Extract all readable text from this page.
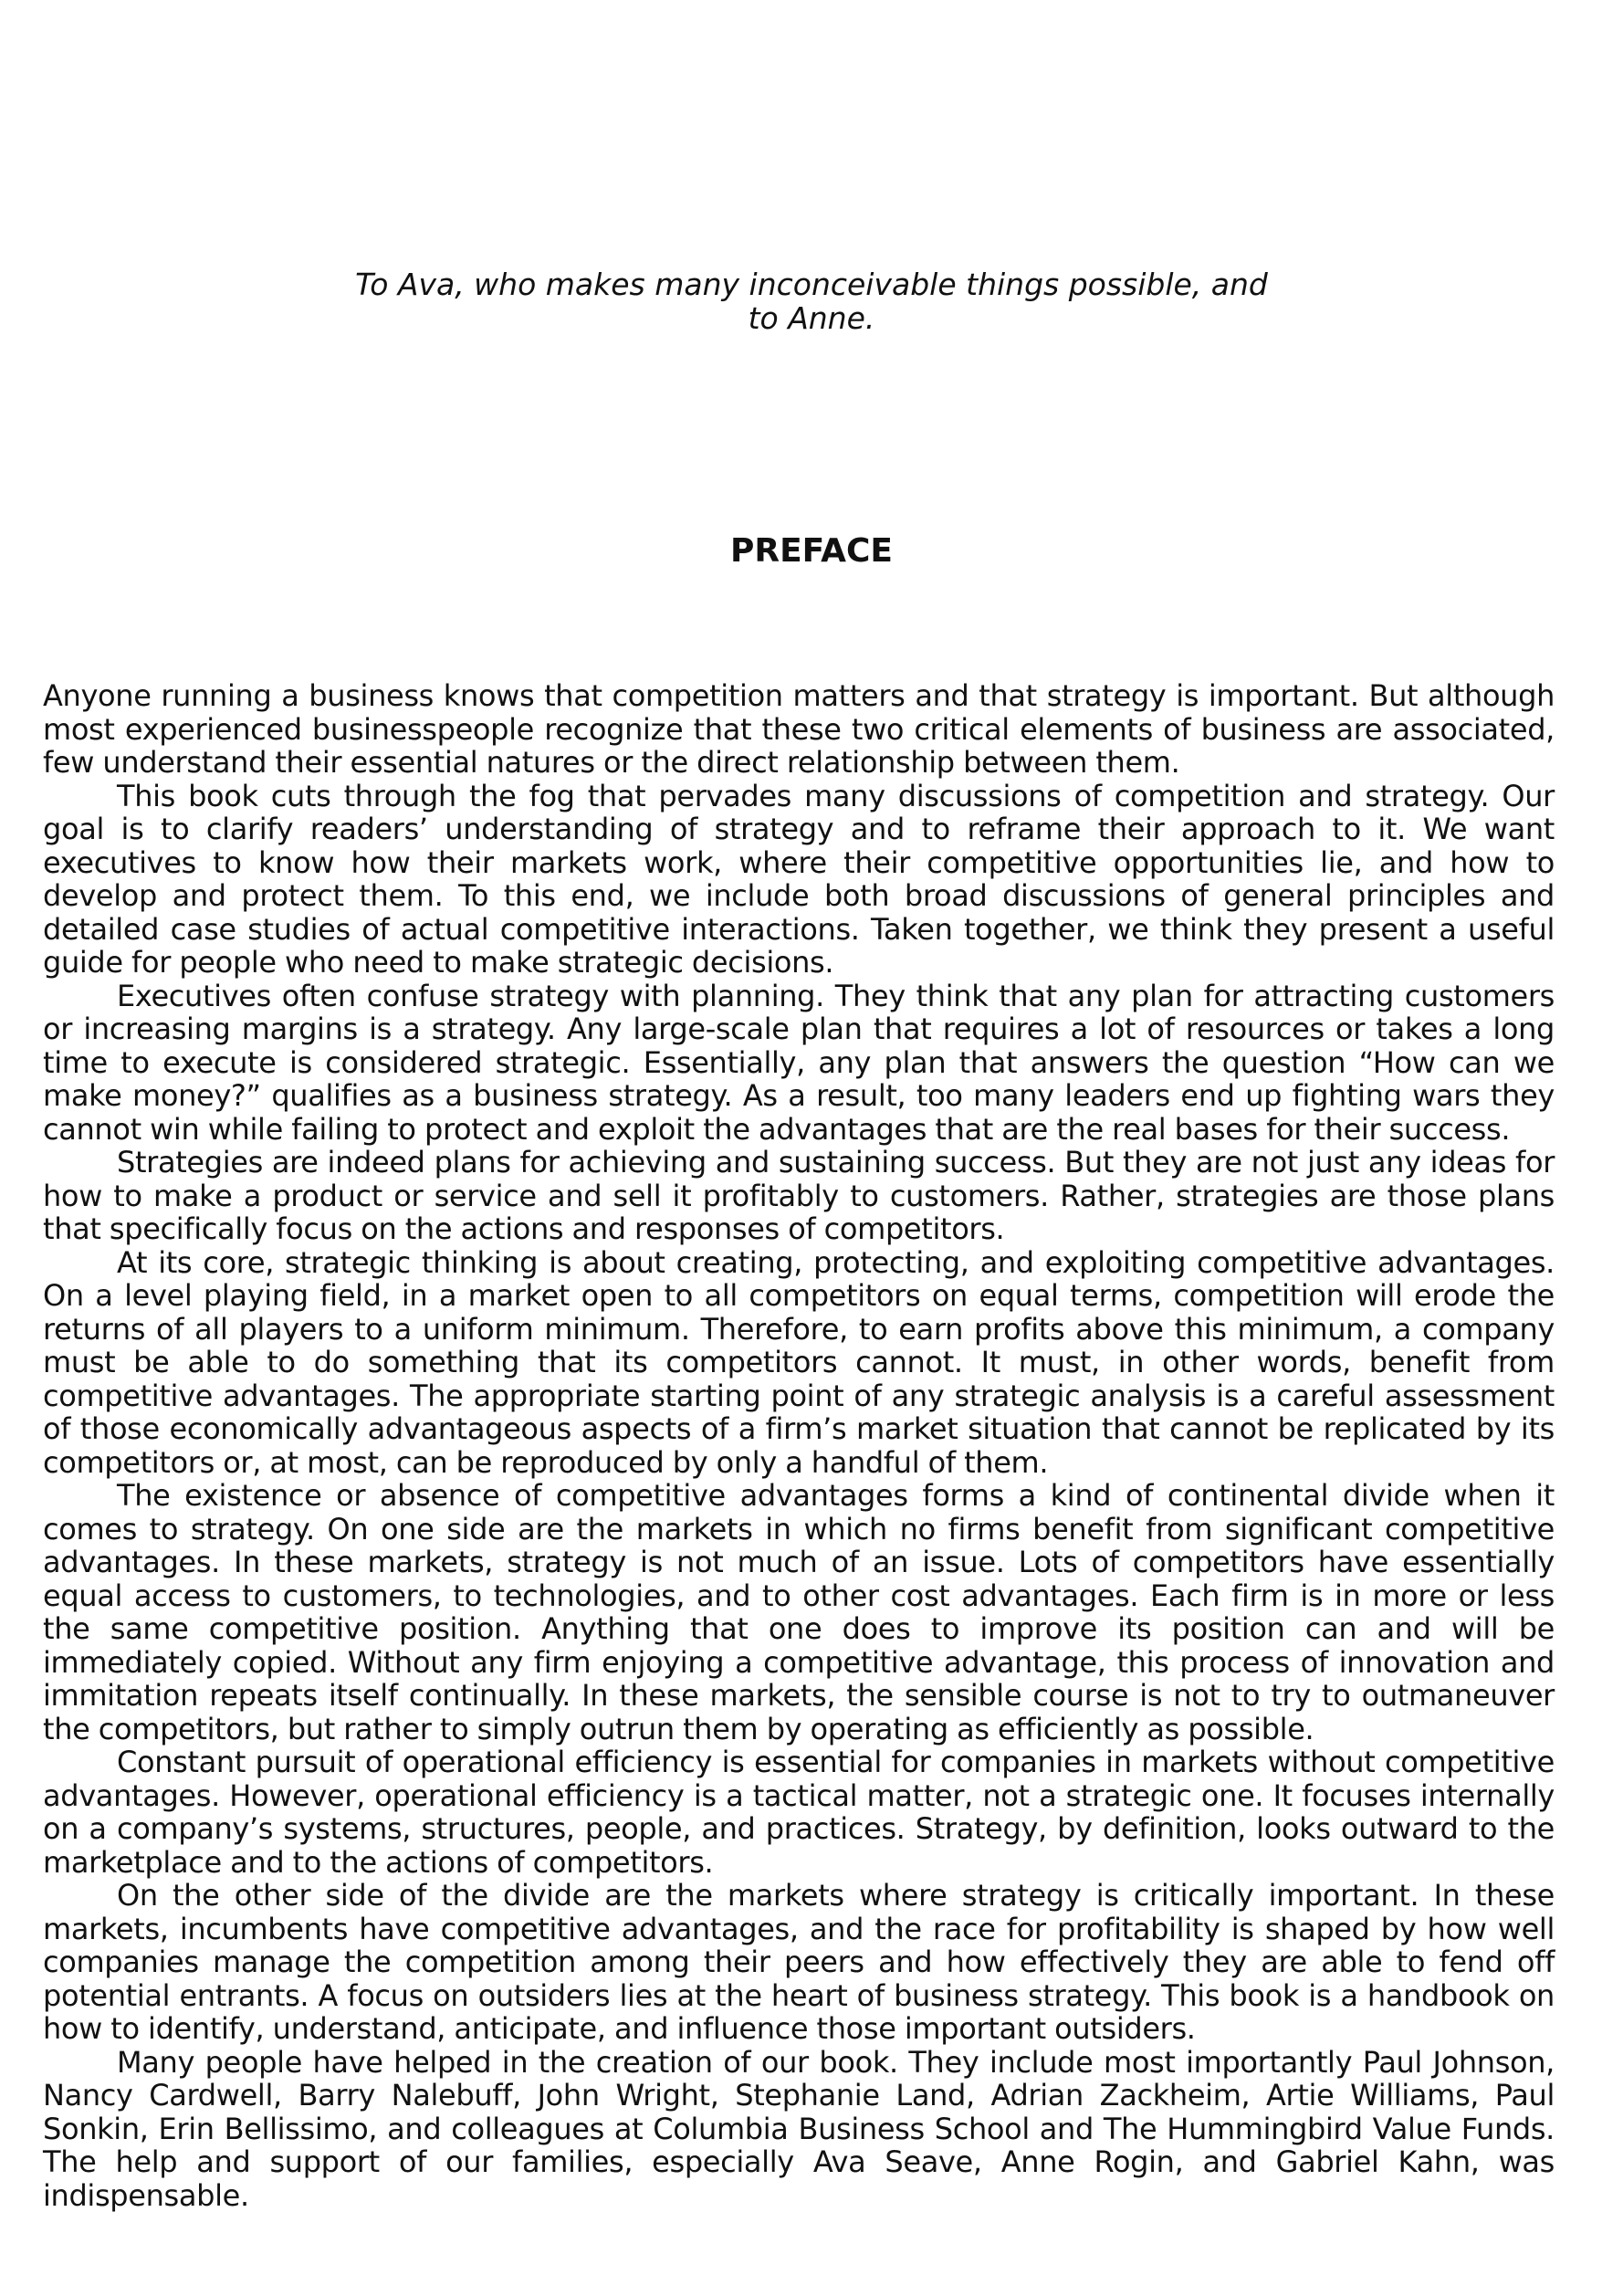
To Ava, who makes many inconceivable things possible, and
to Anne.
PREFACE

Anyone running a business knows that competition matters and that strategy is important. But although most experienced businesspeople recognize that these two critical elements of business are associated, few understand their essential natures or the direct relationship between them.

This book cuts through the fog that pervades many discussions of competition and strategy. Our goal is to clarify readers’ understanding of strategy and to reframe their approach to it. We want executives to know how their markets work, where their competitive opportunities lie, and how to develop and protect them. To this end, we include both broad discussions of general principles and detailed case studies of actual competitive interactions. Taken together, we think they present a useful guide for people who need to make strategic decisions.

Executives often confuse strategy with planning. They think that any plan for attracting customers or increasing margins is a strategy. Any large-scale plan that requires a lot of resources or takes a long time to execute is considered strategic. Essentially, any plan that answers the question “How can we make money?” qualifies as a business strategy. As a result, too many leaders end up fighting wars they cannot win while failing to protect and exploit the advantages that are the real bases for their success.

Strategies are indeed plans for achieving and sustaining success. But they are not just any ideas for how to make a product or service and sell it profitably to customers. Rather, strategies are those plans that specifically focus on the actions and responses of competitors.

At its core, strategic thinking is about creating, protecting, and exploiting competitive advantages. On a level playing field, in a market open to all competitors on equal terms, competition will erode the returns of all players to a uniform minimum. Therefore, to earn profits above this minimum, a company must be able to do something that its competitors cannot. It must, in other words, benefit from competitive advantages. The appropriate starting point of any strategic analysis is a careful assessment of those economically advantageous aspects of a firm’s market situation that cannot be replicated by its competitors or, at most, can be reproduced by only a handful of them.

The existence or absence of competitive advantages forms a kind of continental divide when it comes to strategy. On one side are the markets in which no firms benefit from significant competitive advantages. In these markets, strategy is not much of an issue. Lots of competitors have essentially equal access to customers, to technologies, and to other cost advantages. Each firm is in more or less the same competitive position. Anything that one does to improve its position can and will be immediately copied. Without any firm enjoying a competitive advantage, this process of innovation and immitation repeats itself continually. In these markets, the sensible course is not to try to outmaneuver the competitors, but rather to simply outrun them by operating as efficiently as possible.

Constant pursuit of operational efficiency is essential for companies in markets without competitive advantages. However, operational efficiency is a tactical matter, not a strategic one. It focuses internally on a company’s systems, structures, people, and practices. Strategy, by definition, looks outward to the marketplace and to the actions of competitors.

On the other side of the divide are the markets where strategy is critically important. In these markets, incumbents have competitive advantages, and the race for profitability is shaped by how well companies manage the competition among their peers and how effectively they are able to fend off potential entrants. A focus on outsiders lies at the heart of business strategy. This book is a handbook on how to identify, understand, anticipate, and influence those important outsiders.

Many people have helped in the creation of our book. They include most importantly Paul Johnson, Nancy Cardwell, Barry Nalebuff, John Wright, Stephanie Land, Adrian Zackheim, Artie Williams, Paul Sonkin, Erin Bellissimo, and colleagues at Columbia Business School and The Hummingbird Value Funds. The help and support of our families, especially Ava Seave, Anne Rogin, and Gabriel Kahn, was indispensable.
